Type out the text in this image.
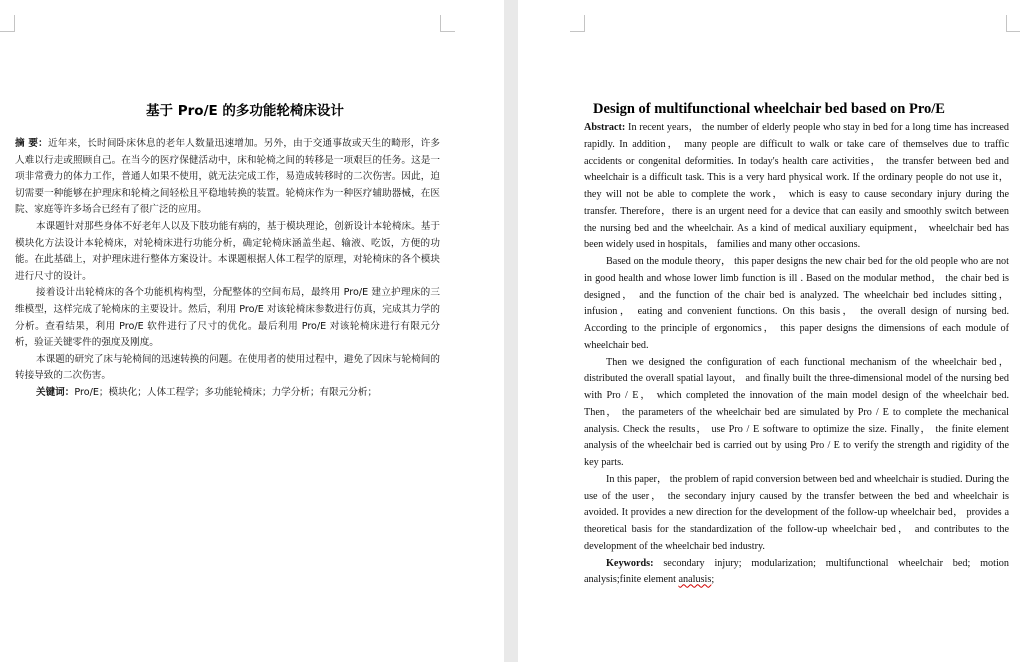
基于 Pro/E 的多功能轮椅床设计

摘 要：近年来，长时间卧床休息的老年人数量迅速增加。另外，由于交通事故或天生的畸形，许多人难以行走或照顾自己。在当今的医疗保健活动中，床和轮椅之间的转移是一项艰巨的任务。这是一项非常费力的体力工作，普通人如果不使用，就无法完成工作，易造成转移时的二次伤害。因此，迫切需要一种能够在护理床和轮椅之间轻松且平稳地转换的装置。轮椅床作为一种医疗辅助器械，在医院、家庭等许多场合已经有了很广泛的应用。

本课题针对那些身体不好老年人以及下肢功能有病的，基于模块理论，创新设计本轮椅床。基于模块化方法设计本轮椅床，对轮椅床进行功能分析，确定轮椅床涵盖坐起、输液、吃饭，方便的功能。在此基础上，对护理床进行整体方案设计。本课题根据人体工程学的原理，对轮椅床的各个模块进行尺寸的设计。

接着设计出轮椅床的各个功能机构构型，分配整体的空间布局，最终用 Pro/E 建立护理床的三维模型，这样完成了轮椅床的主要设计。然后，利用 Pro/E 对该轮椅床参数进行仿真，完成其力学的分析。查看结果，利用 Pro/E 软件进行了尺寸的优化。最后利用 Pro/E 对该轮椅床进行有限元分析，验证关键零件的强度及刚度。

本课题的研究了床与轮椅间的迅速转换的问题。在使用者的使用过程中，避免了因床与轮椅间的转接导致的二次伤害。

关键词：Pro/E；模块化；人体工程学；多功能轮椅床；力学分析；有限元分析；

Design of multifunctional wheelchair bed based on Pro/E

Abstract: In recent years， the number of elderly people who stay in bed for a long time has increased rapidly. In addition， many people are difficult to walk or take care of themselves due to traffic accidents or congenital deformities. In today's health care activities， the transfer between bed and wheelchair is a difficult task. This is a very hard physical work. If the ordinary people do not use it， they will not be able to complete the work， which is easy to cause secondary injury during the transfer. Therefore，there is an urgent need for a device that can easily and smoothly switch between the nursing bed and the wheelchair. As a kind of medical auxiliary equipment， wheelchair bed has been widely used in hospitals， families and many other occasions.

Based on the module theory， this paper designs the new chair bed for the old people who are not in good health and whose lower limb function is ill . Based on the modular method， the chair bed is designed， and the function of the chair bed is analyzed. The wheelchair bed includes sitting， infusion， eating and convenient functions. On this basis， the overall design of nursing bed. According to the principle of ergonomics， this paper designs the dimensions of each module of wheelchair bed.

Then we designed the configuration of each functional mechanism of the wheelchair bed， distributed the overall spatial layout， and finally built the three-dimensional model of the nursing bed with Pro / E， which completed the innovation of the main model design of the wheelchair bed. Then， the parameters of the wheelchair bed are simulated by Pro / E to complete the mechanical analysis. Check the results， use Pro / E software to optimize the size. Finally， the finite element analysis of the wheelchair bed is carried out by using Pro / E to verify the strength and rigidity of the key parts.

In this paper， the problem of rapid conversion between bed and wheelchair is studied. During the use of the user， the secondary injury caused by the transfer between the bed and wheelchair is avoided. It provides a new direction for the development of the follow-up wheelchair bed， provides a theoretical basis for the standardization of the follow-up wheelchair bed， and contributes to the development of the wheelchair bed industry.

Keywords: secondary injury; modularization; multifunctional wheelchair bed; motion analysis;finite element analusis;
